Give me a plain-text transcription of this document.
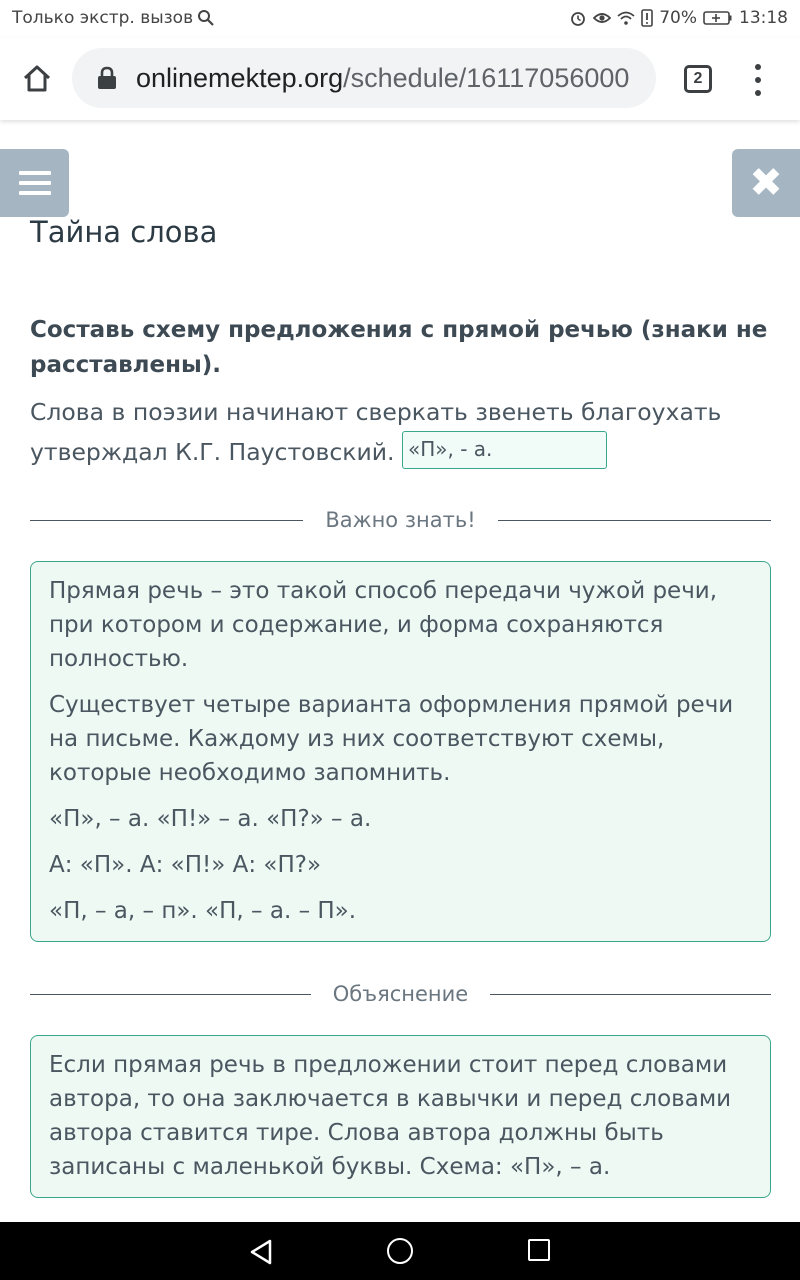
Только экстр. вызов	70% 13:18
onlinemektep.org/schedule/16117056000	2
✖
Тайна слова
Составь схему предложения с прямой речью (знаки не расставлены).
Слова в поэзии начинают сверкать звенеть благоухать утверждал К.Г. Паустовский. «П», - а.
Важно знать!

Прямая речь – это такой способ передачи чужой речи, при котором и содержание, и форма сохраняются полностью.

Существует четыре варианта оформления прямой речи на письме. Каждому из них соответствуют схемы, которые необходимо запомнить.

«П», – а. «П!» – а. «П?» – а.

А: «П». А: «П!» А: «П?»

«П, – а, – п». «П, – а. – П».

Объяснение

Если прямая речь в предложении стоит перед словами автора, то она заключается в кавычки и перед словами автора ставится тире. Слова автора должны быть записаны с маленькой буквы. Схема: «П», – а.
